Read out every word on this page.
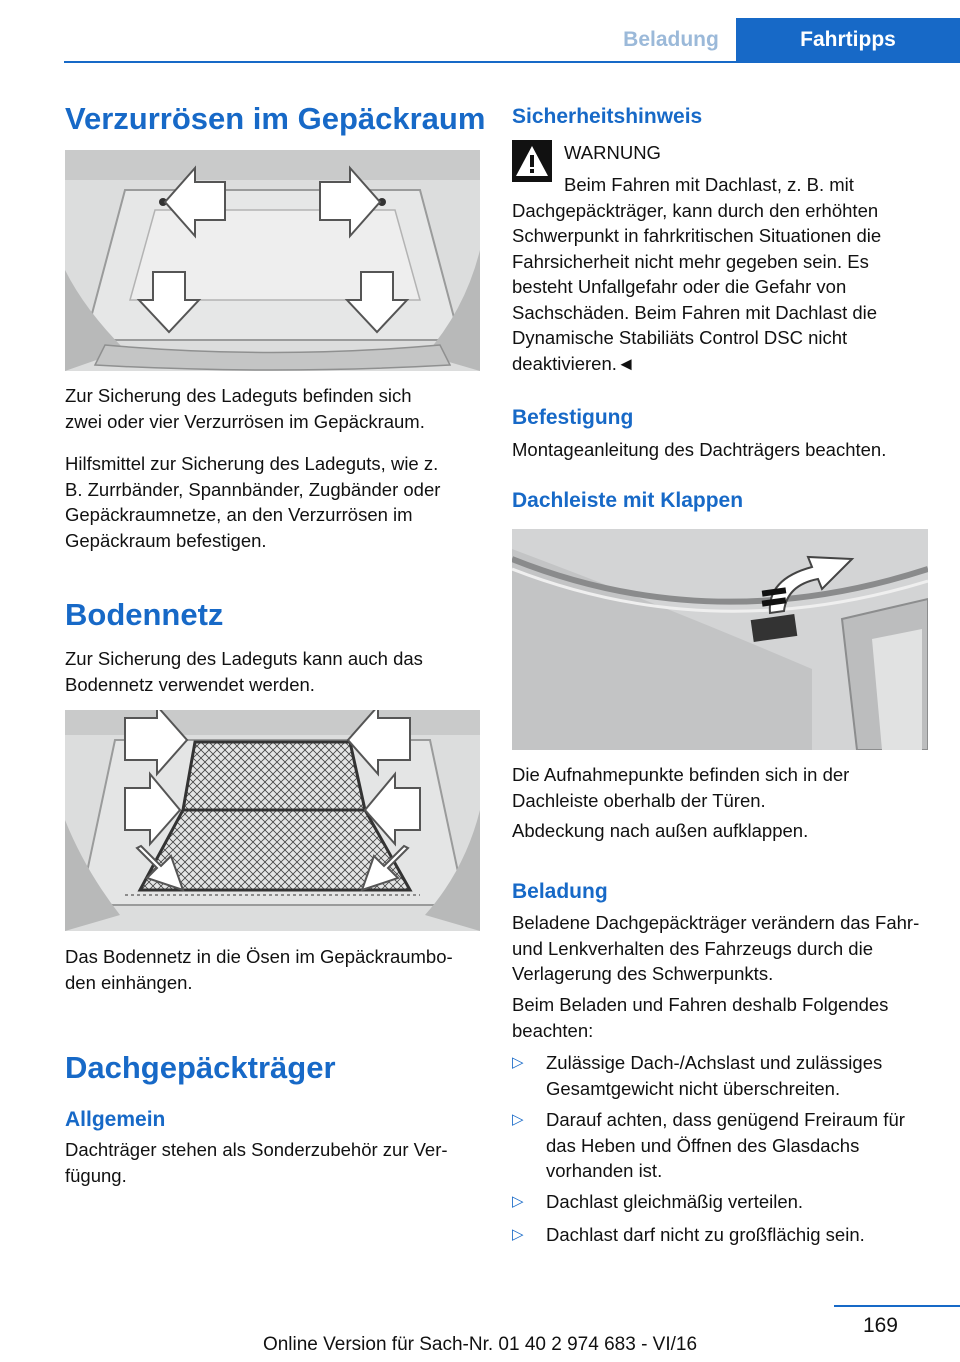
Beladung	Fahrtipps
Verzurrösen im Gepäckraum
Zur Sicherung des Ladeguts befinden sich zwei oder vier Verzurrösen im Gepäckraum.
Hilfsmittel zur Sicherung des Ladeguts, wie z. B. Zurrbänder, Spannbänder, Zugbänder oder Gepäckraumnetze, an den Verzurrösen im Gepäckraum befestigen.
Bodennetz
Zur Sicherung des Ladeguts kann auch das Bodennetz verwendet werden.
Das Bodennetz in die Ösen im Gepäckraumbo‐den einhängen.
Dachgepäckträger
Allgemein
Dachträger stehen als Sonderzubehör zur Ver‐fügung.
Sicherheitshinweis
WARNUNG
Beim Fahren mit Dachlast, z. B. mit Dachgepäckträger, kann durch den erhöhten Schwerpunkt in fahrkritischen Situationen die Fahrsicherheit nicht mehr gegeben sein. Es besteht Unfallgefahr oder die Gefahr von Sachschäden. Beim Fahren mit Dachlast die Dynamische Stabiliäts Control DSC nicht deaktivieren.◄
Befestigung
Montageanleitung des Dachträgers beachten.
Dachleiste mit Klappen
Die Aufnahmepunkte befinden sich in der Dachleiste oberhalb der Türen.
Abdeckung nach außen aufklappen.
Beladung
Beladene Dachgepäckträger verändern das Fahr- und Lenkverhalten des Fahrzeugs durch die Verlagerung des Schwerpunkts.
Beim Beladen und Fahren deshalb Folgendes beachten:
▷ Zulässige Dach-/Achslast und zulässiges Gesamtgewicht nicht überschreiten.
▷ Darauf achten, dass genügend Freiraum für das Heben und Öffnen des Glasdachs vorhanden ist.
▷ Dachlast gleichmäßig verteilen.
▷ Dachlast darf nicht zu großflächig sein.
169
Online Version für Sach-Nr. 01 40 2 974 683 - VI/16
